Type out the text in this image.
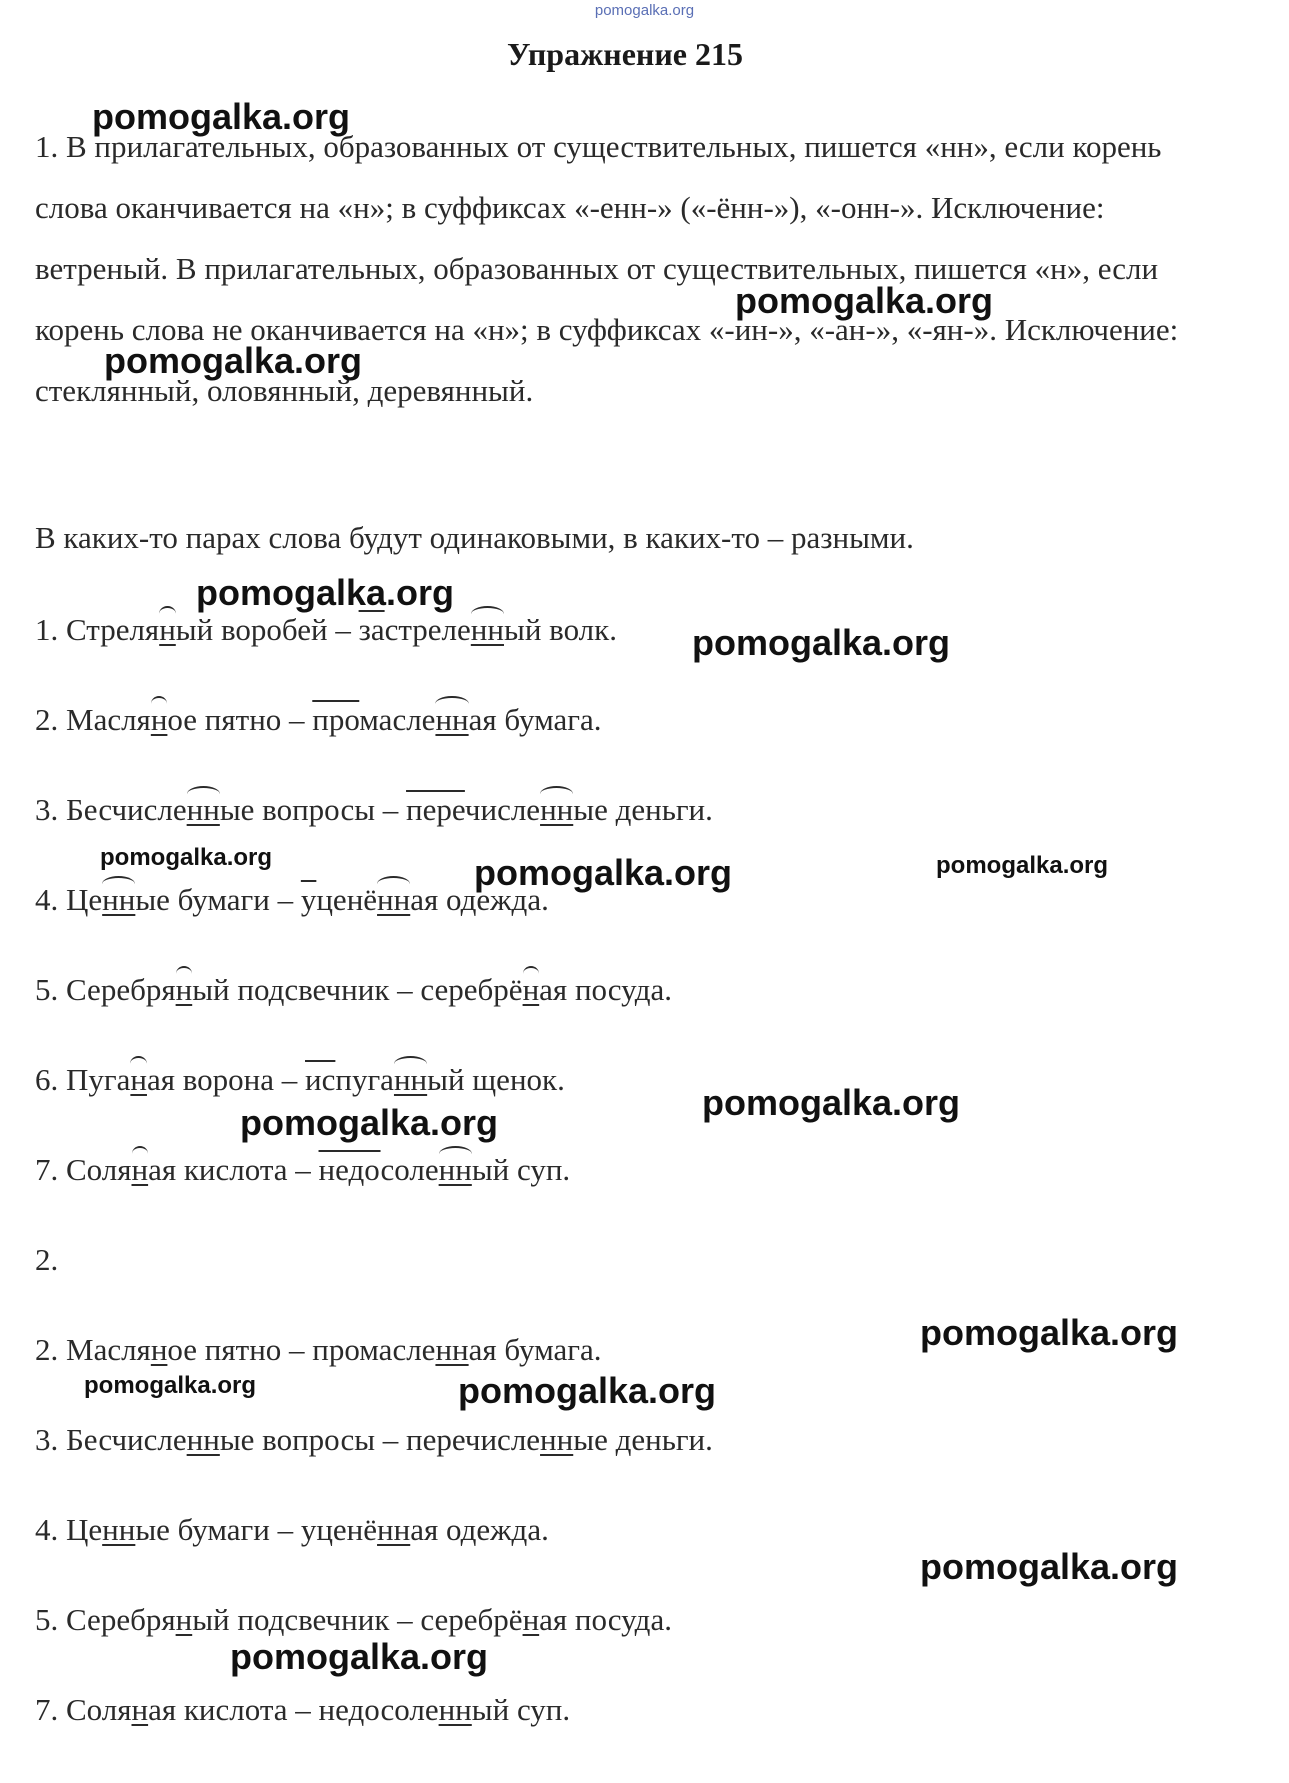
pomogalka.org
Упражнение 215
1. В прилагательных, образованных от существительных, пишется «нн», если корень слова оканчивается на «н»; в суффиксах «-енн-» («-ённ-»), «-онн-». Исключение: ветреный. В прилагательных, образованных от существительных, пишется «н», если корень слова не оканчивается на «н»; в суффиксах «-ин-», «-ан-», «-ян-». Исключение: стеклянный, оловянный, деревянный.
В каких-то парах слова будут одинаковыми, в каких-то – разными.
1. Стреляный воробей – застреленный волк.
2. Масляное пятно – промасленная бумага.
3. Бесчисленные вопросы – перечисленные деньги.
4. Ценные бумаги – уценённая одежда.
5. Серебряный подсвечник – серебрёная посуда.
6. Пуганая ворона – испуганный щенок.
7. Соляная кислота – недосоленный суп.
2.
2. Масляное пятно – промасленная бумага.
3. Бесчисленные вопросы – перечисленные деньги.
4. Ценные бумаги – уценённая одежда.
5. Серебряный подсвечник – серебрёная посуда.
7. Соляная кислота – недосоленный суп.
pomogalka.org
pomogalka.org
pomogalka.org
pomogalka.org
pomogalka.org
pomogalka.org	pomogalka.org	pomogalka.org
pomogalka.org
pomogalka.org
pomogalka.org
pomogalka.org	pomogalka.org
pomogalka.org
pomogalka.org
